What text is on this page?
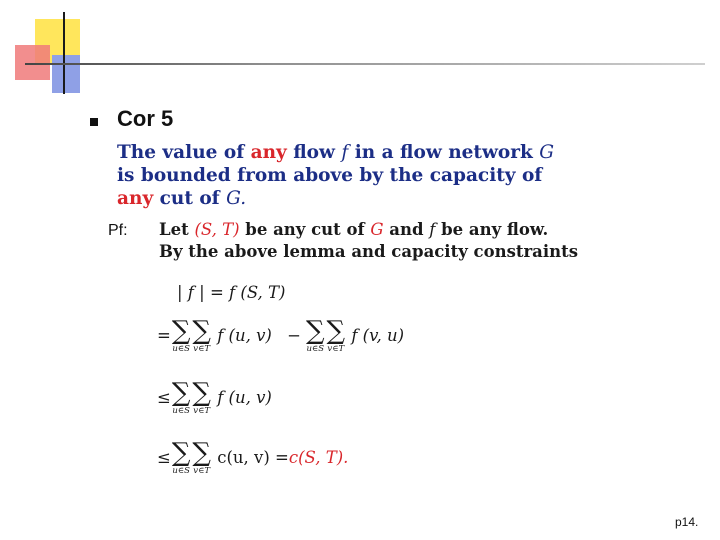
Cor 5
The value of any flow f in a flow network G is bounded from above by the capacity of any cut of G.
Pf: Let (S, T) be any cut of G and f be any flow.
By the above lemma and capacity constraints
| f | = f (S, T)
= ∑
u∈S
∑
v∈T
f (u, v) − ∑
u∈S
∑
v∈T
f (v, u)
≤ ∑
u∈S
∑
v∈T
f (u, v)
≤ ∑
u∈S
∑
v∈T
c(u, v) =c(S, T).
p14.
